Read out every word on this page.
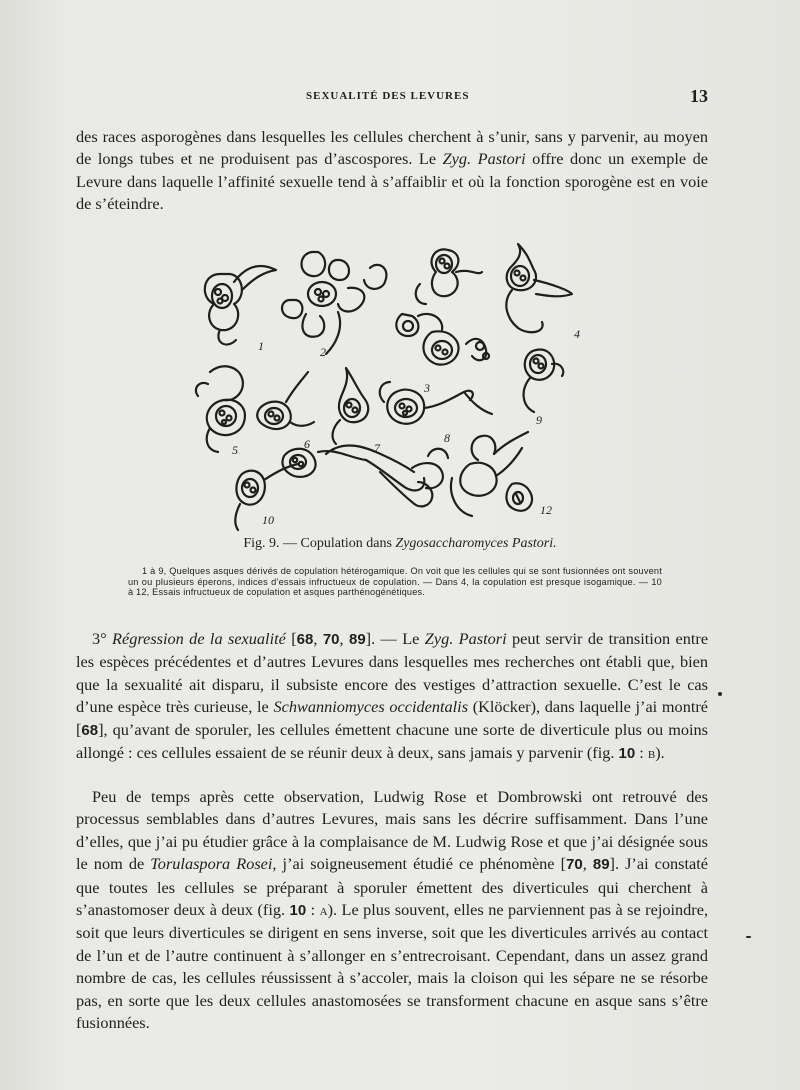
SEXUALITÉ DES LEVURES	13

des races asporogènes dans lesquelles les cellules cherchent à s’unir, sans y parvenir, au moyen de longs tubes et ne produisent pas d’ascospores. Le Zyg. Pastori offre donc un exemple de Levure dans laquelle l’affinité sexuelle tend à s’affaiblir et où la fonction sporogène est en voie de s’éteindre.

1	2
3
4
5	6	7
8
9
10
12

Fig. 9. — Copulation dans Zygosaccharomyces Pastori.

1 à 9, Quelques asques dérivés de copulation hétérogamique. On voit que les cellules qui se sont fusionnées ont souvent un ou plusieurs éperons, indices d’essais infructueux de copulation. — Dans 4, la copulation est presque isogamique. — 10 à 12, Essais infructueux de copulation et asques parthénogénétiques.

3° Régression de la sexualité [68, 70, 89]. — Le Zyg. Pastori peut servir de transition entre les espèces précédentes et d’autres Levures dans lesquelles mes recherches ont établi que, bien que la sexualité ait disparu, il subsiste encore des vestiges d’attraction sexuelle. C’est le cas d’une espèce très curieuse, le Schwanniomyces occidentalis (Klöcker), dans laquelle j’ai montré [68], qu’avant de sporuler, les cellules émettent chacune une sorte de diverticule plus ou moins allongé : ces cellules essaient de se réunir deux à deux, sans jamais y parvenir (fig. 10 : b).

Peu de temps après cette observation, Ludwig Rose et Dombrowski ont retrouvé des processus semblables dans d’autres Levures, mais sans les décrire suffisamment. Dans l’une d’elles, que j’ai pu étudier grâce à la complaisance de M. Ludwig Rose et que j’ai désignée sous le nom de Torulaspora Rosei, j’ai soigneusement étudié ce phénomène [70, 89]. J’ai constaté que toutes les cellules se préparant à sporuler émettent des diverticules qui cherchent à s’anastomoser deux à deux (fig. 10 : a). Le plus souvent, elles ne parviennent pas à se rejoindre, soit que leurs diverticules se dirigent en sens inverse, soit que les diverticules arrivés au contact de l’un et de l’autre continuent à s’allonger en s’entrecroisant. Cependant, dans un assez grand nombre de cas, les cellules réussissent à s’accoler, mais la cloison qui les sépare ne se résorbe pas, en sorte que les deux cellules anastomosées se transforment chacune en asque sans s’être fusionnées.
